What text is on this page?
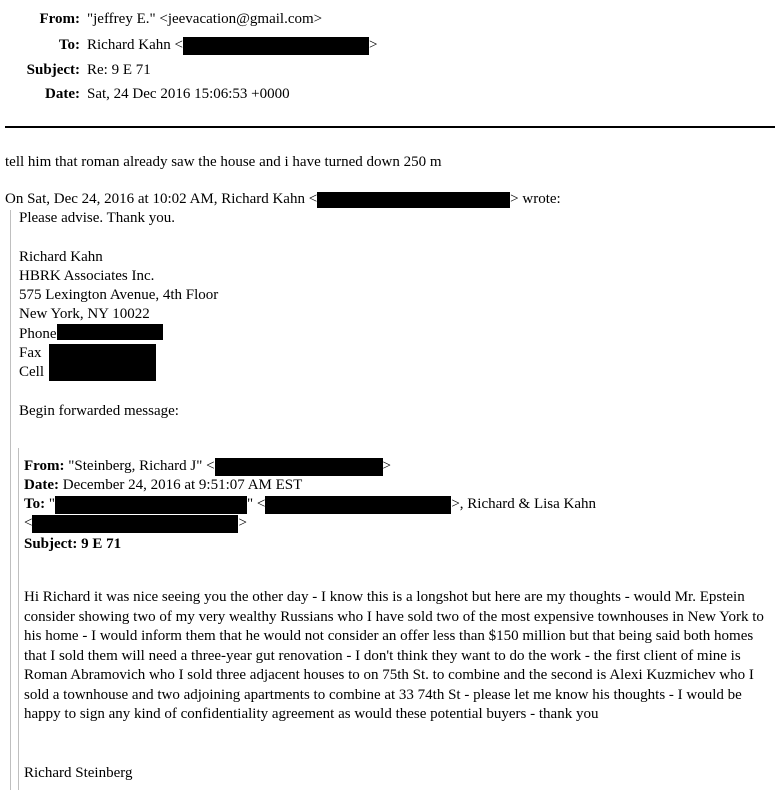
From: "jeffrey E." <jeevacation@gmail.com>
To: Richard Kahn <	>
Subject: Re: 9 E 71
Date: Sat, 24 Dec 2016 15:06:53 +0000
tell him that roman already saw the house and i have turned down 250 m
On Sat, Dec 24, 2016 at 10:02 AM, Richard Kahn <	> wrote:
Please advise. Thank you.
Richard Kahn
HBRK Associates Inc.
575 Lexington Avenue, 4th Floor
New York, NY 10022
Phone
Fax
Cell
Begin forwarded message:
From: "Steinberg, Richard J" <	>
Date: December 24, 2016 at 9:51:07 AM EST
To: "	" <	>, Richard & Lisa Kahn
<	>
Subject: 9 E 71
Hi Richard it was nice seeing you the other day - I know this is a longshot but here are my thoughts - would Mr. Epstein consider showing two of my very wealthy Russians who I have sold two of the most expensive townhouses in New York to his home - I would inform them that he would not consider an offer less than $150 million but that being said both homes that I sold them will need a three-year gut renovation - I don't think they want to do the work - the first client of mine is Roman Abramovich who I sold three adjacent houses to on 75th St. to combine and the second is Alexi Kuzmichev who I sold a townhouse and two adjoining apartments to combine at 33 74th St - please let me know his thoughts - I would be happy to sign any kind of confidentiality agreement as would these potential buyers - thank you
Richard Steinberg
